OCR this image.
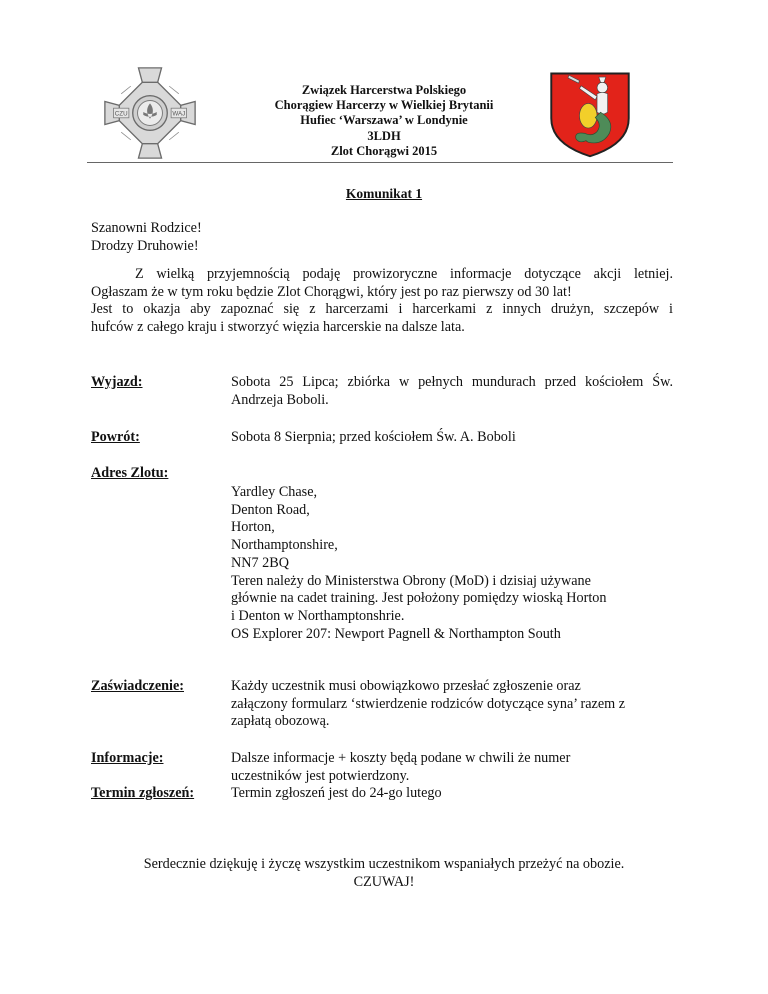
CZU	WAJ
Związek Harcerstwa Polskiego
Chorągiew Harcerzy w Wielkiej Brytanii
Hufiec ‘Warszawa’ w Londynie
3LDH
Zlot Chorągwi 2015
Komunikat 1
Szanowni Rodzice!
Drodzy Druhowie!
Z wielką przyjemnością podaję prowizoryczne informacje dotyczące akcji letniej.
Ogłaszam że w tym roku będzie Zlot Chorągwi, który jest po raz pierwszy od 30 lat!
Jest to okazja aby zapoznać się z harcerzami i harcerkami z innych drużyn, szczepów i
hufców z całego kraju i stworzyć więzia harcerskie na dalsze lata.
Wyjazd:	Sobota 25 Lipca; zbiórka w pełnych mundurach przed kościołem Św.
Andrzeja Boboli.
Powrót:	Sobota 8 Sierpnia; przed kościołem Św. A. Boboli
Adres Zlotu:
Yardley Chase,
Denton Road,
Horton,
Northamptonshire,
NN7 2BQ
Teren należy do Ministerstwa Obrony (MoD) i dzisiaj używane
głównie na cadet training. Jest położony pomiędzy wioską Horton
i Denton w Northamptonshrie.
OS Explorer 207: Newport Pagnell & Northampton South
Zaświadczenie:	Każdy uczestnik musi obowiązkowo przesłać zgłoszenie oraz
załączony formularz ‘stwierdzenie rodziców dotyczące syna’ razem z
zapłatą obozową.
Informacje:	Dalsze informacje + koszty będą podane w chwili że numer
uczestników jest potwierdzony.
Termin zgłoszeń:	Termin zgłoszeń jest do 24-go lutego
Serdecznie dziękuję i życzę wszystkim uczestnikom wspaniałych przeżyć na obozie.
CZUWAJ!
